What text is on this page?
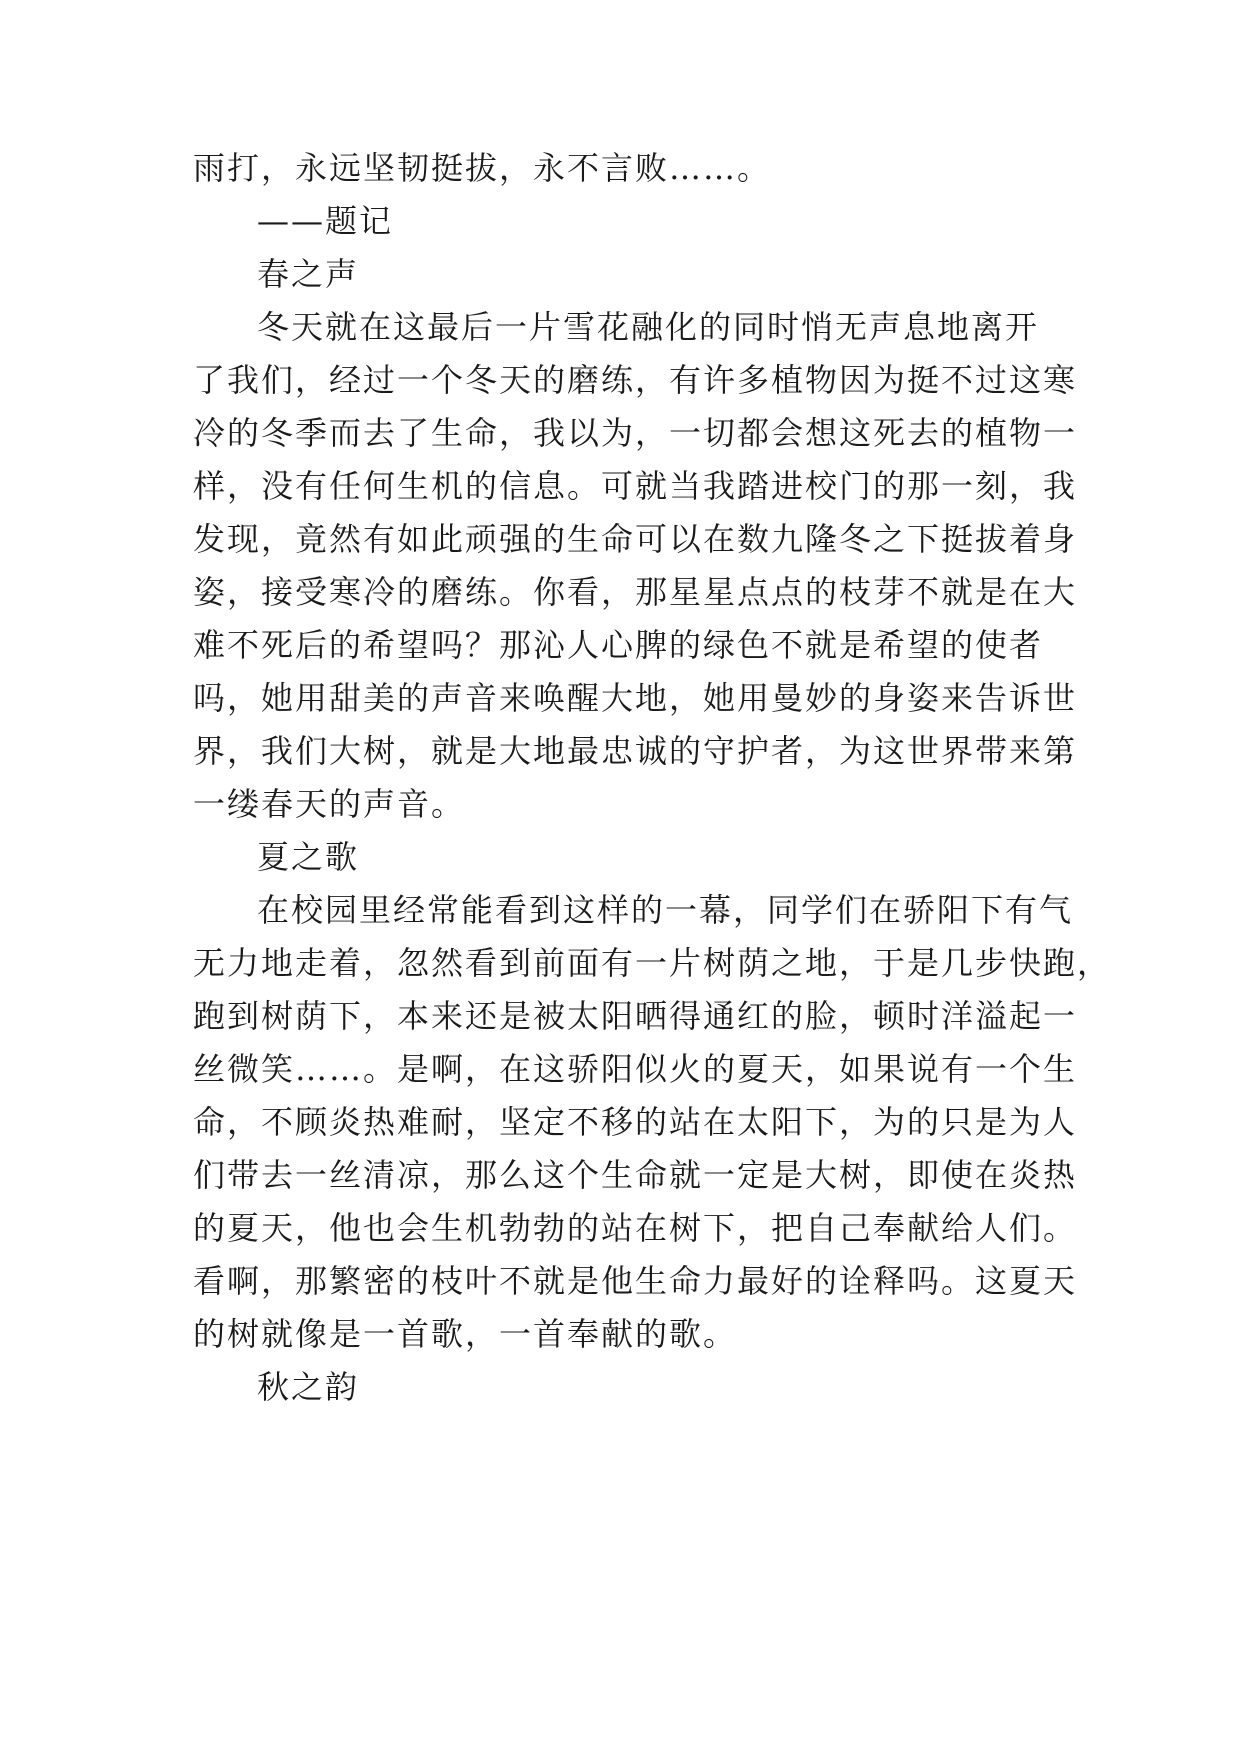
雨打，永远坚韧挺拔，永不言败……。
——题记
春之声
冬天就在这最后一片雪花融化的同时悄无声息地离开
了我们，经过一个冬天的磨练，有许多植物因为挺不过这寒
冷的冬季而去了生命，我以为，一切都会想这死去的植物一
样，没有任何生机的信息。可就当我踏进校门的那一刻，我
发现，竟然有如此顽强的生命可以在数九隆冬之下挺拔着身
姿，接受寒冷的磨练。你看，那星星点点的枝芽不就是在大
难不死后的希望吗？那沁人心脾的绿色不就是希望的使者
吗，她用甜美的声音来唤醒大地，她用曼妙的身姿来告诉世
界，我们大树，就是大地最忠诚的守护者，为这世界带来第
一缕春天的声音。
夏之歌
在校园里经常能看到这样的一幕，同学们在骄阳下有气
无力地走着，忽然看到前面有一片树荫之地，于是几步快跑，
跑到树荫下，本来还是被太阳晒得通红的脸，顿时洋溢起一
丝微笑……。是啊，在这骄阳似火的夏天，如果说有一个生
命，不顾炎热难耐，坚定不移的站在太阳下，为的只是为人
们带去一丝清凉，那么这个生命就一定是大树，即使在炎热
的夏天，他也会生机勃勃的站在树下，把自己奉献给人们。
看啊，那繁密的枝叶不就是他生命力最好的诠释吗。这夏天
的树就像是一首歌，一首奉献的歌。
秋之韵
